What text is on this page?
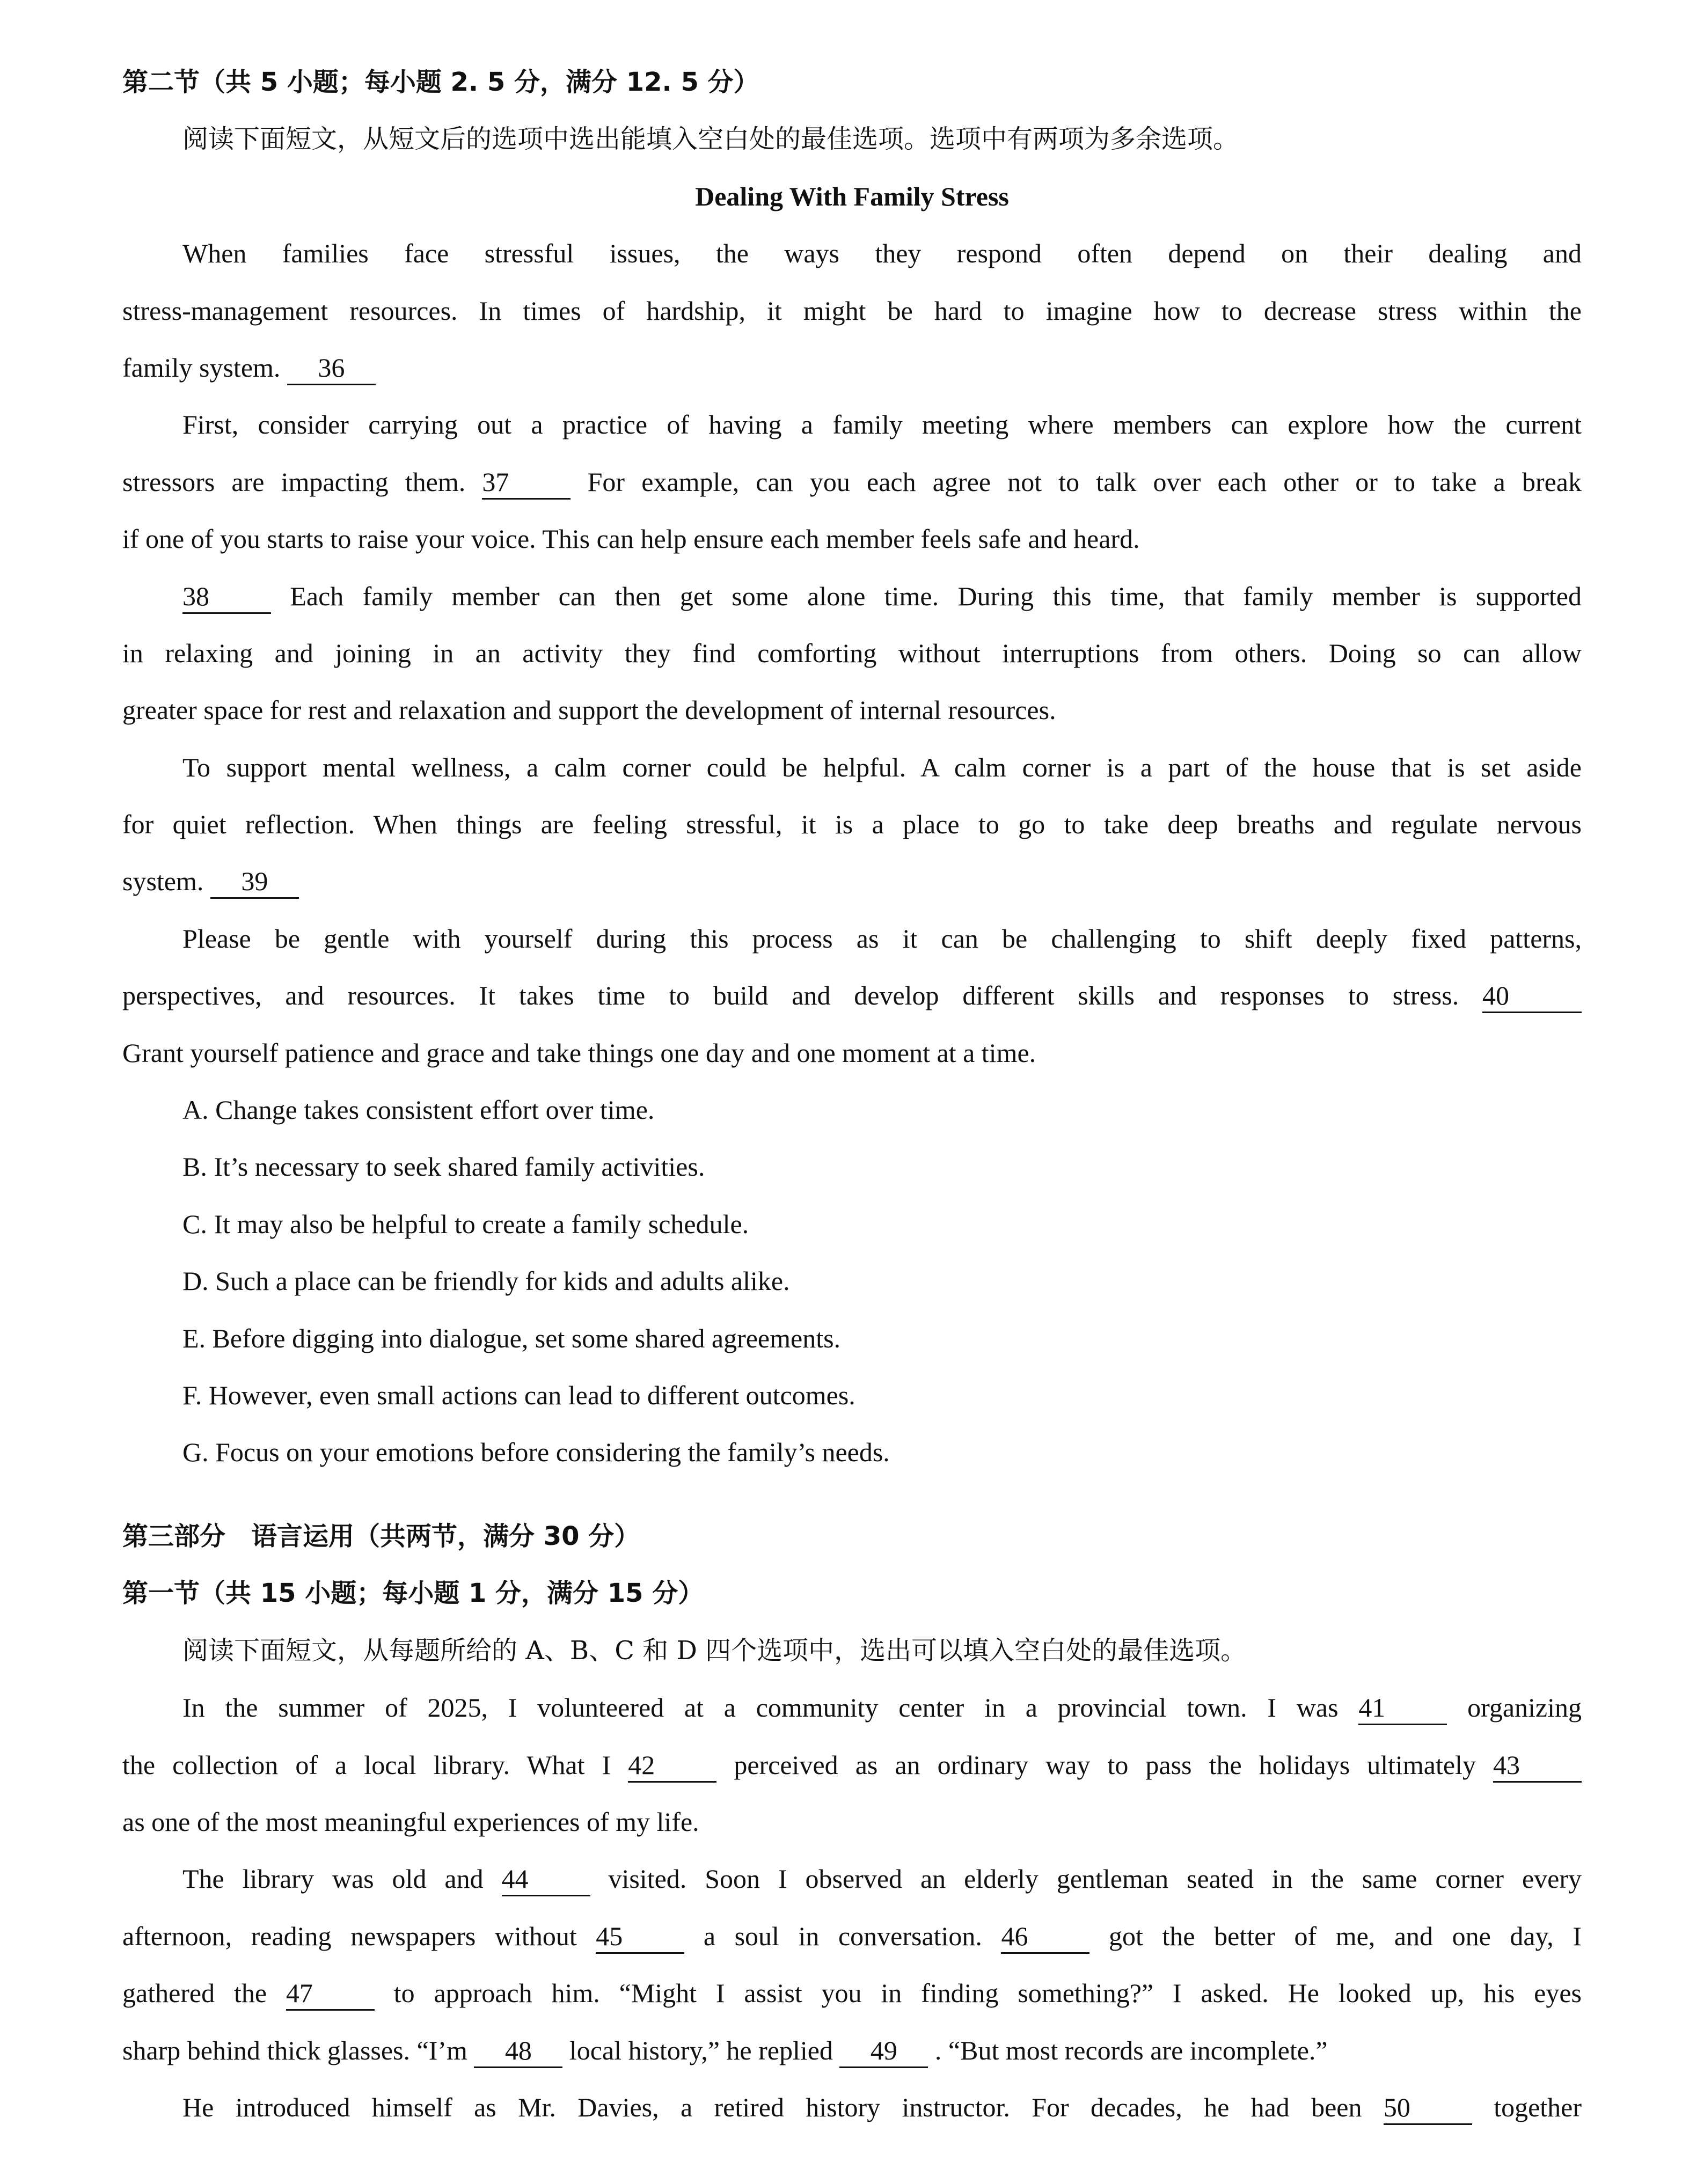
第二节（共 5 小题；每小题 2. 5 分，满分 12. 5 分）
阅读下面短文，从短文后的选项中选出能填入空白处的最佳选项。选项中有两项为多余选项。
Dealing With Family Stress
When families face stressful issues, the ways they respond often depend on their dealing and
stress-management resources. In times of hardship, it might be hard to imagine how to decrease stress within the
family system. 36
First, consider carrying out a practice of having a family meeting where members can explore how the current
stressors are impacting them. 37	For example, can you each agree not to talk over each other or to take a break
if one of you starts to raise your voice. This can help ensure each member feels safe and heard.
38	Each family member can then get some alone time. During this time, that family member is supported
in relaxing and joining in an activity they find comforting without interruptions from others. Doing so can allow
greater space for rest and relaxation and support the development of internal resources.
To support mental wellness, a calm corner could be helpful. A calm corner is a part of the house that is set aside
for quiet reflection. When things are feeling stressful, it is a place to go to take deep breaths and regulate nervous
system. 39
Please be gentle with yourself during this process as it can be challenging to shift deeply fixed patterns,
perspectives, and resources. It takes time to build and develop different skills and responses to stress. 40
Grant yourself patience and grace and take things one day and one moment at a time.
A. Change takes consistent effort over time.
B. It’s necessary to seek shared family activities.
C. It may also be helpful to create a family schedule.
D. Such a place can be friendly for kids and adults alike.
E. Before digging into dialogue, set some shared agreements.
F. However, even small actions can lead to different outcomes.
G. Focus on your emotions before considering the family’s needs.
第三部分　语言运用（共两节，满分 30 分）
第一节（共 15 小题；每小题 1 分，满分 15 分）
阅读下面短文，从每题所给的 A、B、C 和 D 四个选项中，选出可以填入空白处的最佳选项。
In the summer of 2025, I volunteered at a community center in a provincial town. I was 41	organizing
the collection of a local library. What I 42	perceived as an ordinary way to pass the holidays ultimately 43
as one of the most meaningful experiences of my life.
The library was old and 44	visited. Soon I observed an elderly gentleman seated in the same corner every
afternoon, reading newspapers without 45	a soul in conversation. 46	got the better of me, and one day, I
gathered the 47	to approach him. “Might I assist you in finding something?” I asked. He looked up, his eyes
sharp behind thick glasses. “I’m 48 local history,” he replied 49 . “But most records are incomplete.”
He introduced himself as Mr. Davies, a retired history instructor. For decades, he had been 50	together
